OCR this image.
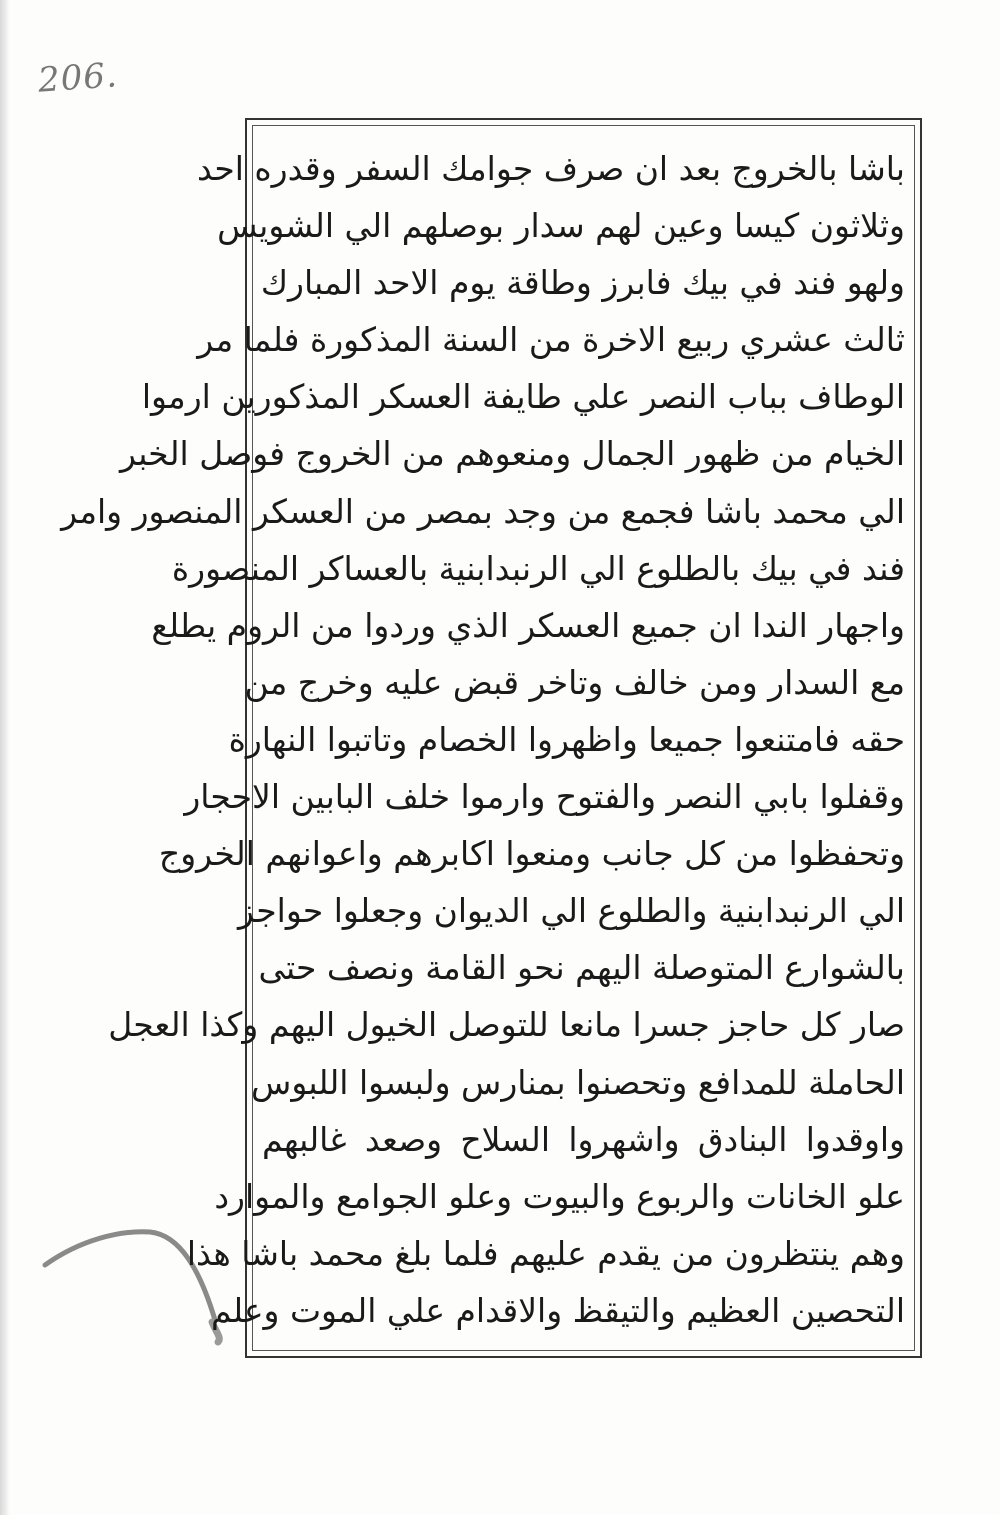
206.
باشا بالخروج بعد ان صرف جوامك السفر وقدره احد
وثلاثون كيسا وعين لهم سدار بوصلهم الي الشويس
ولهو فند في بيك فابرز وطاقة يوم الاحد المبارك
ثالث عشري ربيع الاخرة من السنة المذكورة فلما مر
الوطاف بباب النصر علي طايفة العسكر المذكورين ارموا
الخيام من ظهور الجمال ومنعوهم من الخروج فوصل الخبر
الي محمد باشا فجمع من وجد بمصر من العسكر المنصور وامر
فند في بيك بالطلوع الي الرنبدابنية بالعساكر المنصورة
واجهار الندا ان جميع العسكر الذي وردوا من الروم يطلع
مع السدار ومن خالف وتاخر قبض عليه وخرج من
حقه فامتنعوا جميعا واظهروا الخصام وتاتبوا النهارة
وقفلوا بابي النصر والفتوح وارموا خلف البابين الاحجار
وتحفظوا من كل جانب ومنعوا اكابرهم واعوانهم الخروج
الي الرنبدابنية والطلوع الي الديوان وجعلوا حواجز
بالشوارع المتوصلة اليهم نحو القامة ونصف حتى
صار كل حاجز جسرا مانعا للتوصل الخيول اليهم وكذا العجل
الحاملة للمدافع وتحصنوا بمنارس ولبسوا اللبوس
واوقدوا البنادق واشهروا السلاح وصعد غالبهم
علو الخانات والربوع والبيوت وعلو الجوامع والموارد
وهم ينتظرون من يقدم عليهم فلما بلغ محمد باشا هذا
التحصين العظيم والتيقظ والاقدام علي الموت وعلم
